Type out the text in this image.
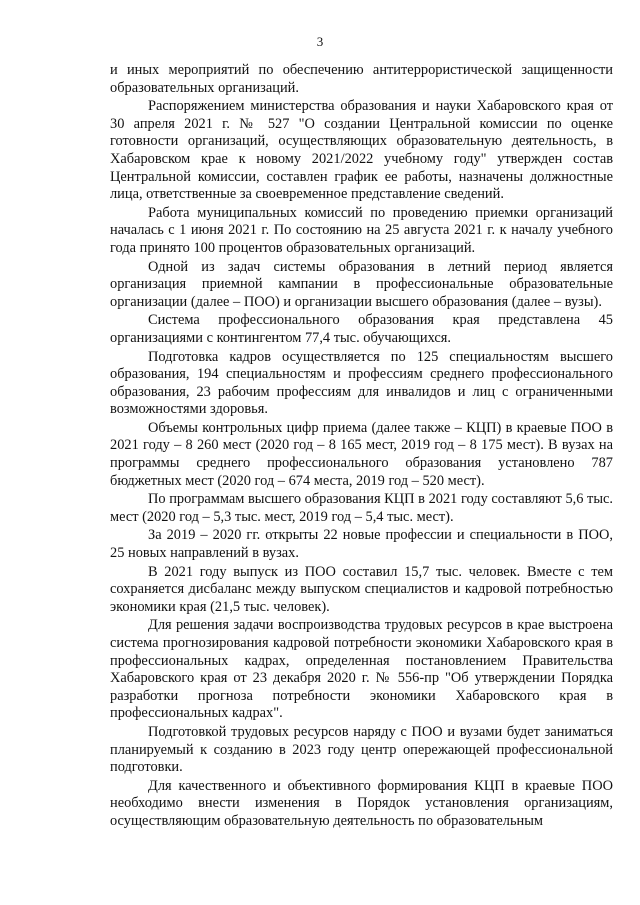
3

и иных мероприятий по обеспечению антитеррористической защищенности образовательных организаций.

Распоряжением министерства образования и науки Хабаровского края от 30 апреля 2021 г. № 527 "О создании Центральной комиссии по оценке готовности организаций, осуществляющих образовательную деятельность, в Хабаровском крае к новому 2021/2022 учебному году" утвержден состав Центральной комиссии, составлен график ее работы, назначены должностные лица, ответственные за своевременное представление сведений.

Работа муниципальных комиссий по проведению приемки организаций началась с 1 июня 2021 г. По состоянию на 25 августа 2021 г. к началу учебного года принято 100 процентов образовательных организаций.

Одной из задач системы образования в летний период является организация приемной кампании в профессиональные образовательные организации (далее – ПОО) и организации высшего образования (далее – вузы).

Система профессионального образования края представлена 45 организациями с контингентом 77,4 тыс. обучающихся.

Подготовка кадров осуществляется по 125 специальностям высшего образования, 194 специальностям и профессиям среднего профессионального образования, 23 рабочим профессиям для инвалидов и лиц с ограниченными возможностями здоровья.

Объемы контрольных цифр приема (далее также – КЦП) в краевые ПОО в 2021 году – 8 260 мест (2020 год – 8 165 мест, 2019 год – 8 175 мест). В вузах на программы среднего профессионального образования установлено 787 бюджетных мест (2020 год – 674 места, 2019 год – 520 мест).

По программам высшего образования КЦП в 2021 году составляют 5,6 тыс. мест (2020 год – 5,3 тыс. мест, 2019 год – 5,4 тыс. мест).

За 2019 – 2020 гг. открыты 22 новые профессии и специальности в ПОО, 25 новых направлений в вузах.

В 2021 году выпуск из ПОО составил 15,7 тыс. человек. Вместе с тем сохраняется дисбаланс между выпуском специалистов и кадровой потребностью экономики края (21,5 тыс. человек).

Для решения задачи воспроизводства трудовых ресурсов в крае выстроена система прогнозирования кадровой потребности экономики Хабаровского края в профессиональных кадрах, определенная постановлением Правительства Хабаровского края от 23 декабря 2020 г. № 556-пр "Об утверждении Порядка разработки прогноза потребности экономики Хабаровского края в профессиональных кадрах".

Подготовкой трудовых ресурсов наряду с ПОО и вузами будет заниматься планируемый к созданию в 2023 году центр опережающей профессиональной подготовки.

Для качественного и объективного формирования КЦП в краевые ПОО необходимо внести изменения в Порядок установления организациям, осуществляющим образовательную деятельность по образовательным
